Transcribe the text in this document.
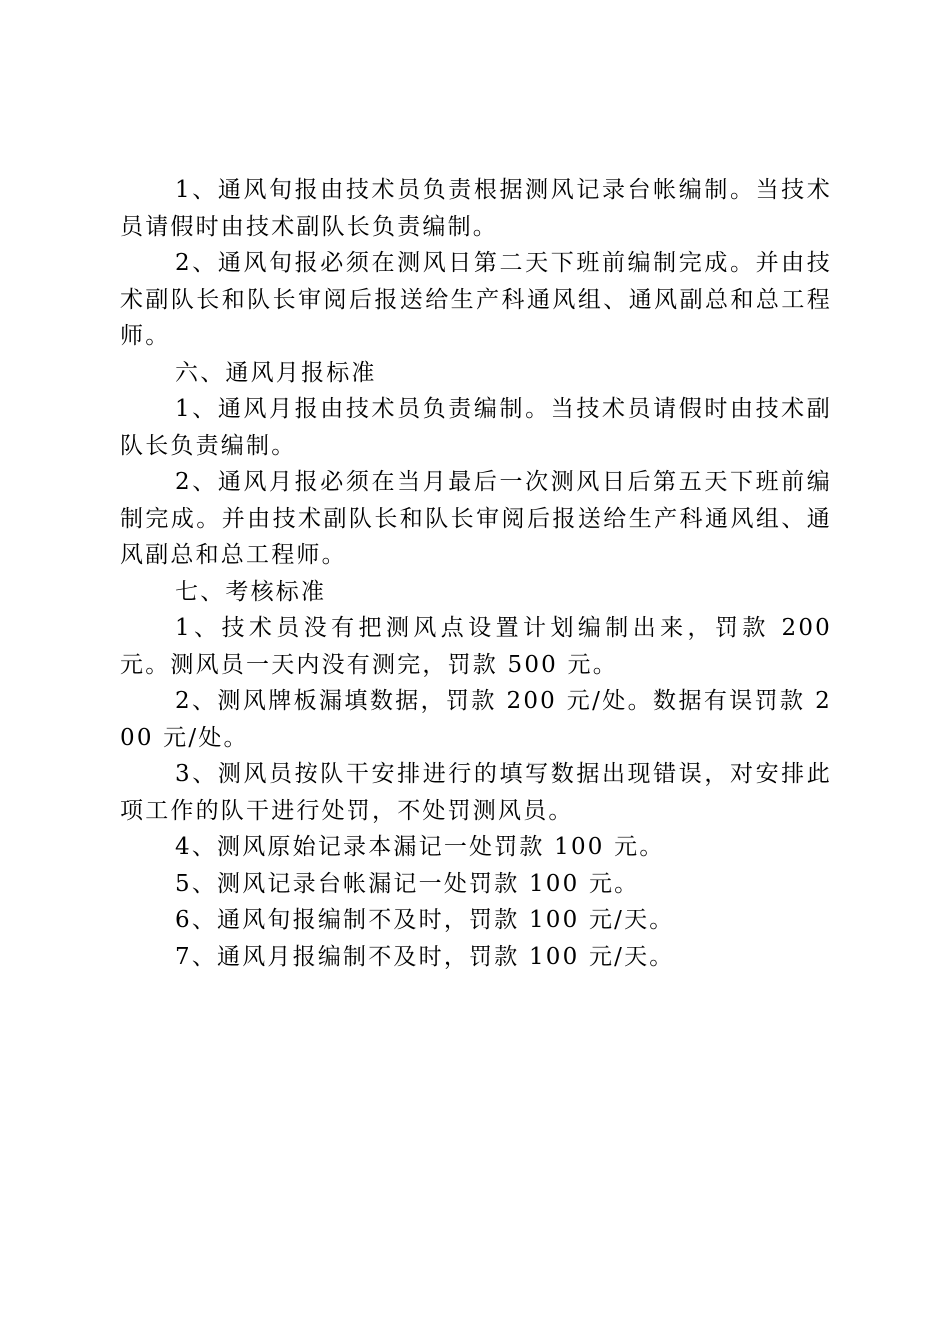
1、通风旬报由技术员负责根据测风记录台帐编制。当技术员请假时由技术副队长负责编制。

2、通风旬报必须在测风日第二天下班前编制完成。并由技术副队长和队长审阅后报送给生产科通风组、通风副总和总工程师。

六、通风月报标准

1、通风月报由技术员负责编制。当技术员请假时由技术副队长负责编制。

2、通风月报必须在当月最后一次测风日后第五天下班前编制完成。并由技术副队长和队长审阅后报送给生产科通风组、通风副总和总工程师。

七、考核标准

1、技术员没有把测风点设置计划编制出来，罚款 200 元。测风员一天内没有测完，罚款 500 元。

2、测风牌板漏填数据，罚款 200 元/处。数据有误罚款 200 元/处。

3、测风员按队干安排进行的填写数据出现错误，对安排此项工作的队干进行处罚，不处罚测风员。

4、测风原始记录本漏记一处罚款 100 元。

5、测风记录台帐漏记一处罚款 100 元。

6、通风旬报编制不及时，罚款 100 元/天。

7、通风月报编制不及时，罚款 100 元/天。
